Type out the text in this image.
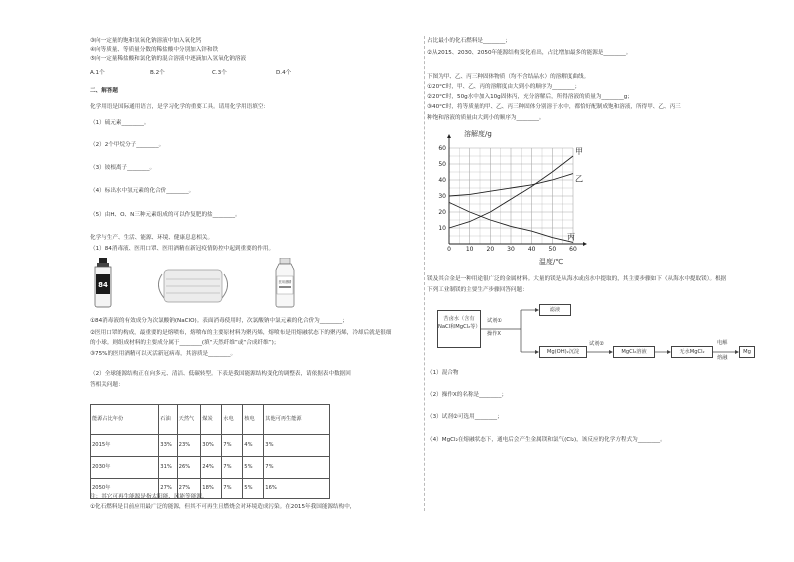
③向一定量的饱和氢氧化钠溶液中加入氧化钙
④向等质量、等质量分数的稀盐酸中分别加入锌和铁
⑤向一定量稀盐酸和氯化钠的混合溶液中逐滴加入氢氧化钠溶液
A.1个	B.2个	C.3个	D.4个
二、解答题
化学用语是国际通用语言，是学习化学的重要工具。请用化学用语填空：
（1）硫元素________。
（2）2个甲烷分子________。
（3）铵根离子________。
（4）标出水中氢元素的化合价________。
（5）由H、O、N三种元素组成的可以作复肥的盐________。
化学与生产、生活、能源、环境、健康息息相关。
（1）84消毒液、医用口罩、医用酒精在新冠疫情防控中起到重要的作用。
84	医用酒精
①84消毒液的有效成分为次氯酸钠(NaClO)。表面消毒使用时，次氯酸钠中氯元素的化合价为________；
②医用口罩的构成，最重要的是熔喷布，熔喷布的主要原材料为聚丙烯，熔喷布是用熔融状态下的聚丙烯，冷却后就是很细
的小球。则组成材料的主要成分属于________(填“天然纤维”或“合成纤维”)；
③75%的医用酒精可以灭活新冠病毒，其溶质是________。
（2）全球能源结构正在向多元、清洁、低碳转型。下表是我国能源结构变化的调整表，请依据表中数据回
答相关问题：
能源占比年份	石油	天然气	煤炭	水电	核电	其他可再生能源
2015年	33%	23%	30%	7%	4%	3%
2030年	31%	26%	24%	7%	5%	7%
2050年	27%	27%	18%	7%	5%	16%
注：其它可再生能源是指太阳能、风能等能源。
①化石燃料是目前应用最广泛的能源，但其不可再生且燃烧会对环境造成污染。在2015年我国能源结构中，
占比最小的化石燃料是________；
②从2015、2030、2050年能源结构变化看出，占比增加最多的能源是________。
下图为甲、乙、丙三种固体物质（均不含结晶水）的溶解度曲线。
①20°C时，甲、乙、丙的溶解度由大到小的顺序为________；
②20°C时，50g水中加入10g固体丙，充分溶解后，所得溶液的质量为________g；
③40°C时，将等质量的甲、乙、丙三种固体分别溶于水中，都恰好配制成饱和溶液，所得甲、乙、丙三
种饱和溶液的质量由大到小的顺序为________。
0 10 20 30 40 50 60
10
20
30
40
50
60	甲
乙
丙
溶解度/g
温度/℃
镁及其合金是一种用途很广泛的金属材料。大量的镁是从海水或卤水中提取的，其主要步骤如下（从海水中提取镁）。根据
下列工业制镁的主要生产步骤回答问题：
苦卤水（含有NaCl和MgCl₂等）
试剂①
操作X
滤液
Mg(OH)₂沉淀
试剂②
MgCl₂溶液	无水MgCl₂
电解
熔融
Mg
（1）混合物
（2）操作X的名称是________；
（3）试剂②可选用________；
（4）MgCl₂在熔融状态下，通电后会产生金属镁和氯气(Cl₂)，该反应的化学方程式为________。
